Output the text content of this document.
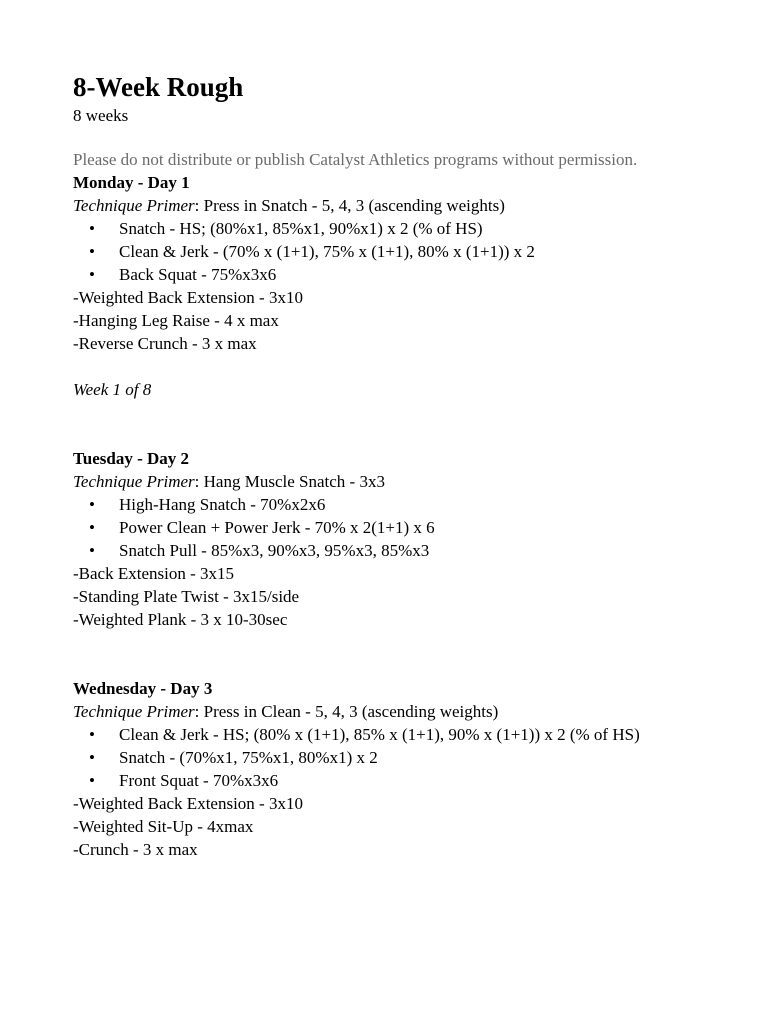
8-Week Rough

8 weeks

Please do not distribute or publish Catalyst Athletics programs without permission.

Monday - Day 1

Technique Primer: Press in Snatch - 5, 4, 3 (ascending weights)

• Snatch - HS; (80%x1, 85%x1, 90%x1) x 2 (% of HS)
• Clean & Jerk - (70% x (1+1), 75% x (1+1), 80% x (1+1)) x 2
• Back Squat - 75%x3x6

-Weighted Back Extension - 3x10

-Hanging Leg Raise - 4 x max

-Reverse Crunch - 3 x max

Week 1 of 8

Tuesday - Day 2

Technique Primer: Hang Muscle Snatch - 3x3

• High-Hang Snatch - 70%x2x6
• Power Clean + Power Jerk - 70% x 2(1+1) x 6
• Snatch Pull - 85%x3, 90%x3, 95%x3, 85%x3

-Back Extension - 3x15

-Standing Plate Twist - 3x15/side

-Weighted Plank - 3 x 10-30sec

Wednesday - Day 3

Technique Primer: Press in Clean - 5, 4, 3 (ascending weights)

• Clean & Jerk - HS; (80% x (1+1), 85% x (1+1), 90% x (1+1)) x 2 (% of HS)
• Snatch - (70%x1, 75%x1, 80%x1) x 2
• Front Squat - 70%x3x6

-Weighted Back Extension - 3x10

-Weighted Sit-Up - 4xmax

-Crunch - 3 x max
